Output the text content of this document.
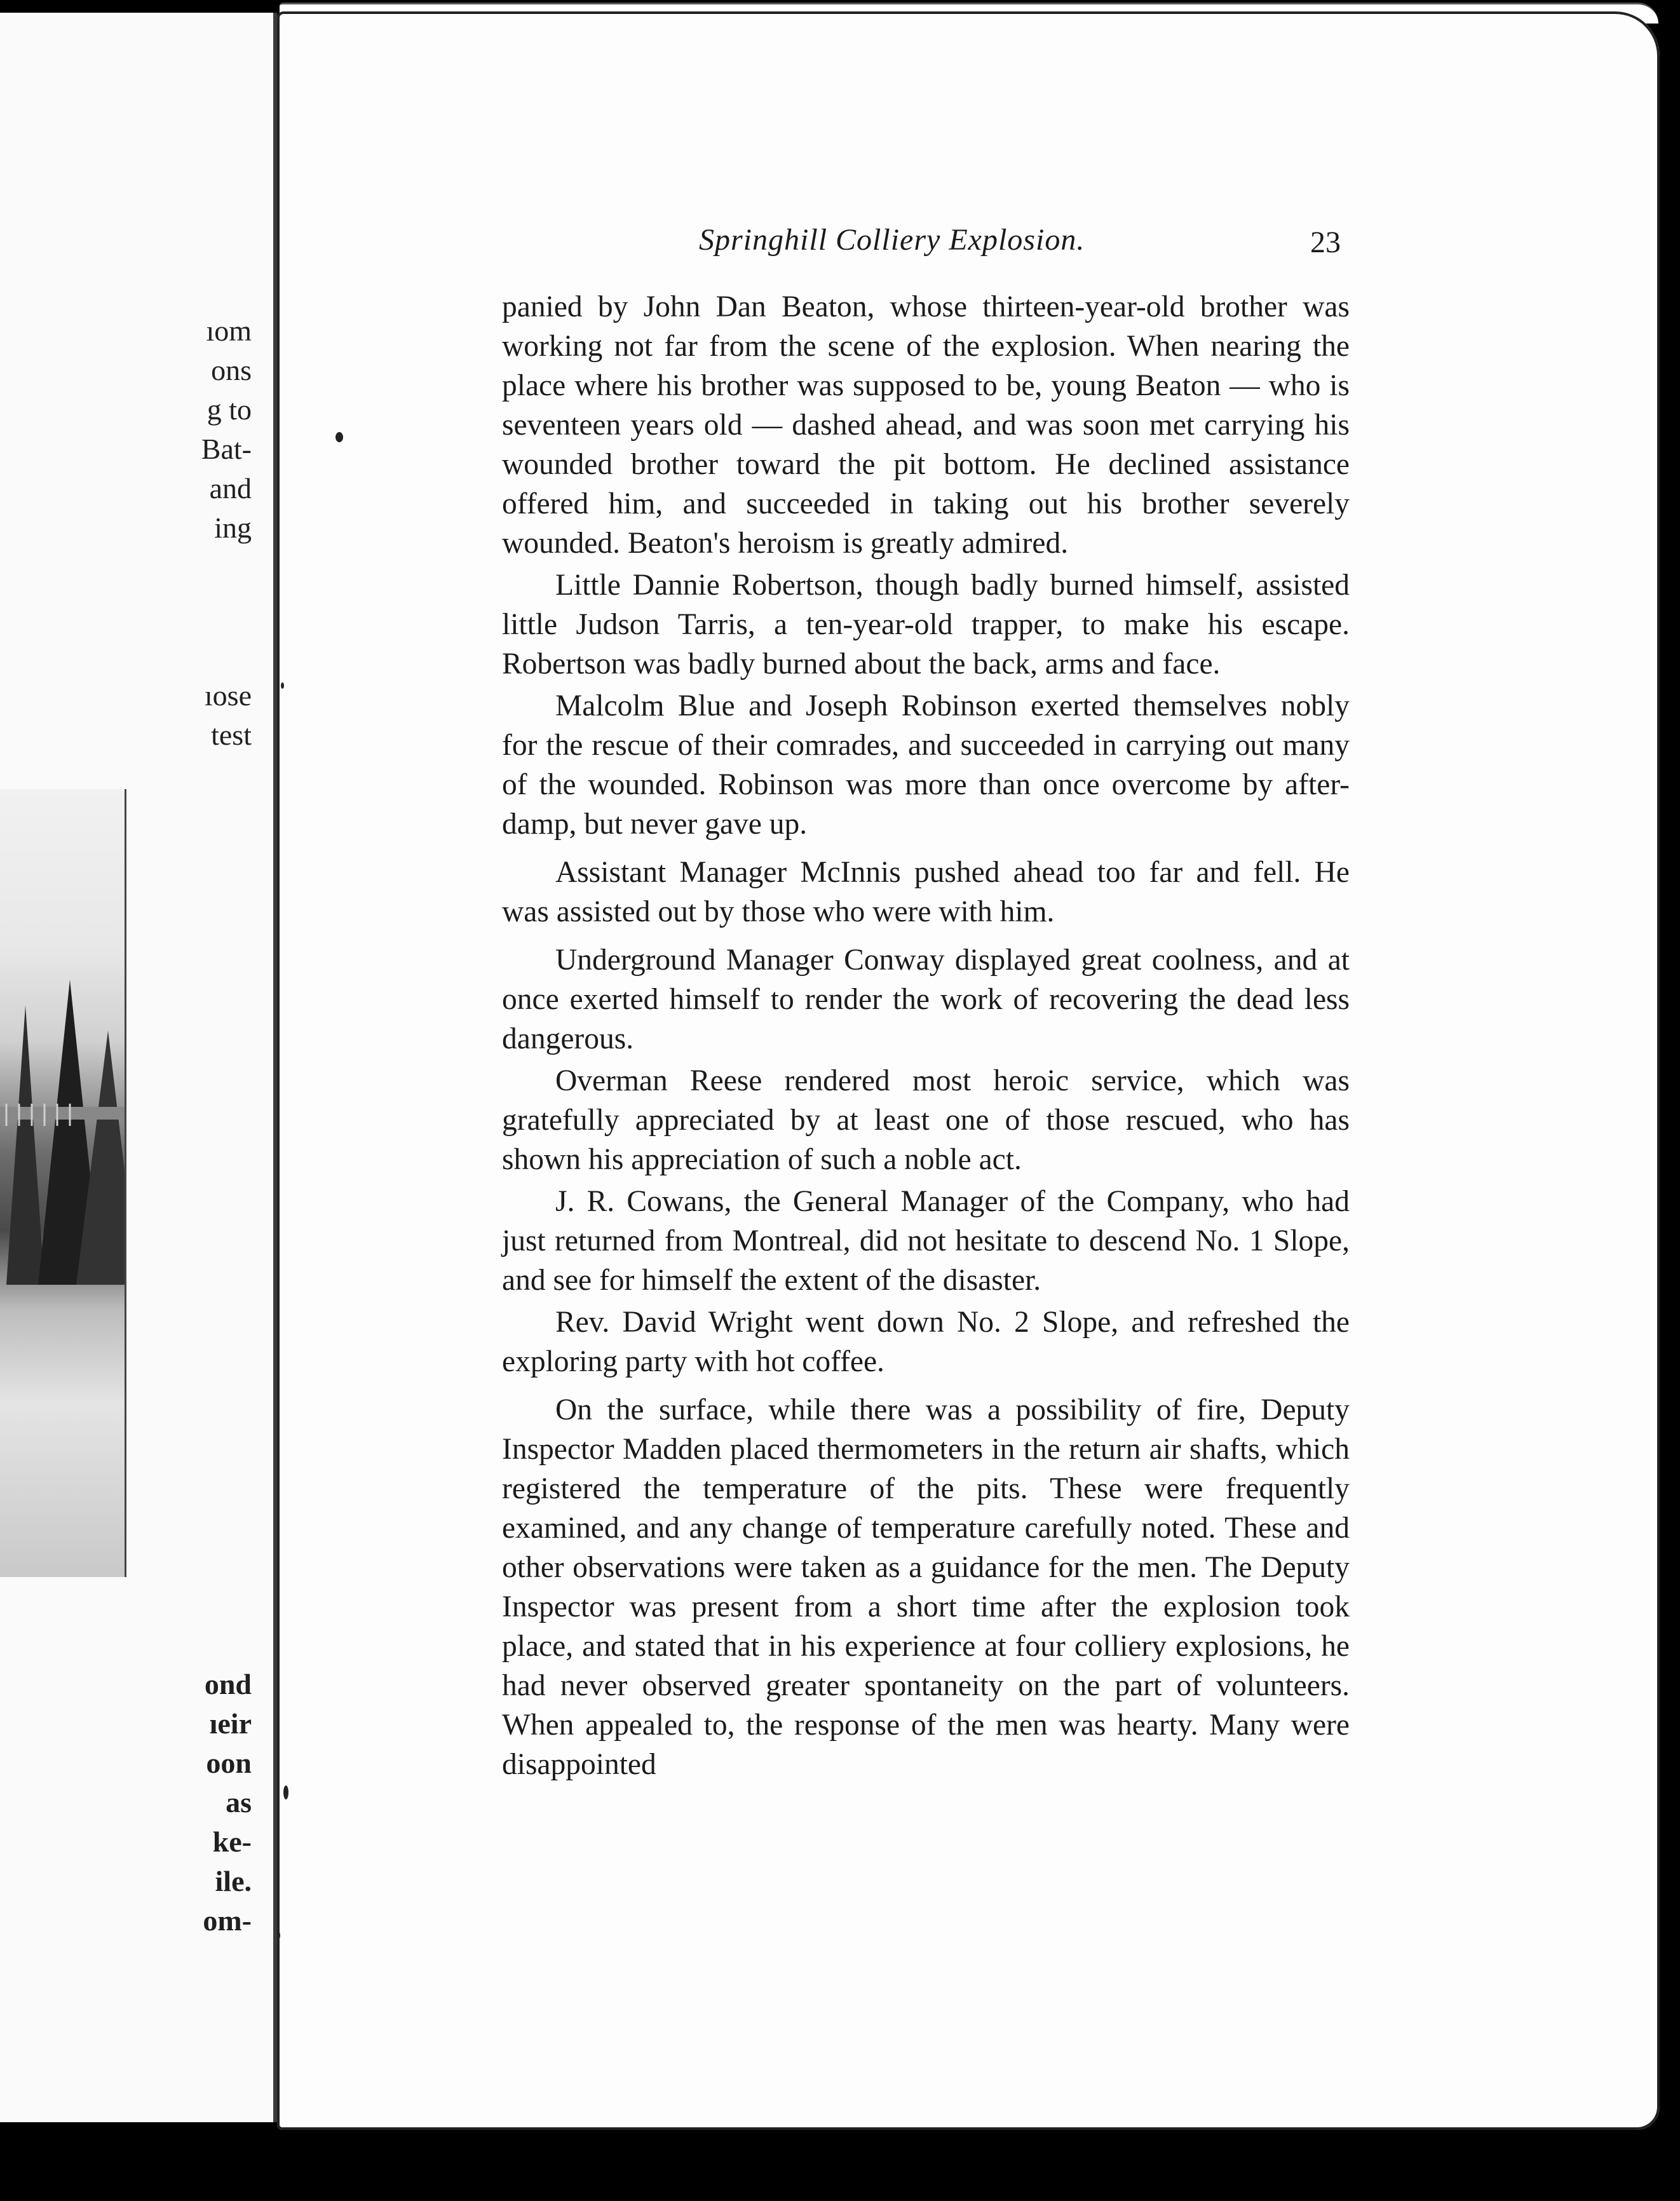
ıom
ons
g to
Bat-
and
ing
ıose
test
ond
ıeir
oon
as
ke-
ile.
om-
Springhill Colliery Explosion.	23

panied by John Dan Beaton, whose thirteen-year-old brother was working not far from the scene of the explosion. When nearing the place where his brother was supposed to be, young Beaton — who is seventeen years old — dashed ahead, and was soon met carrying his wounded brother toward the pit bottom. He declined assistance offered him, and succeeded in taking out his brother severely wounded. Beaton's heroism is greatly admired.

Little Dannie Robertson, though badly burned himself, assisted little Judson Tarris, a ten-year-old trapper, to make his escape. Robertson was badly burned about the back, arms and face.

Malcolm Blue and Joseph Robinson exerted themselves nobly for the rescue of their comrades, and succeeded in carrying out many of the wounded. Robinson was more than once overcome by after-damp, but never gave up.

Assistant Manager McInnis pushed ahead too far and fell. He was assisted out by those who were with him.

Underground Manager Conway displayed great coolness, and at once exerted himself to render the work of recovering the dead less dangerous.

Overman Reese rendered most heroic service, which was gratefully appreciated by at least one of those rescued, who has shown his appreciation of such a noble act.

J. R. Cowans, the General Manager of the Company, who had just returned from Montreal, did not hesitate to descend No. 1 Slope, and see for himself the extent of the disaster.

Rev. David Wright went down No. 2 Slope, and refreshed the exploring party with hot coffee.

On the surface, while there was a possibility of fire, Deputy Inspector Madden placed thermometers in the return air shafts, which registered the temperature of the pits. These were frequently examined, and any change of temperature carefully noted. These and other observations were taken as a guidance for the men. The Deputy Inspector was present from a short time after the explosion took place, and stated that in his experience at four colliery explosions, he had never observed greater spontaneity on the part of volunteers. When appealed to, the response of the men was hearty. Many were disappointed
